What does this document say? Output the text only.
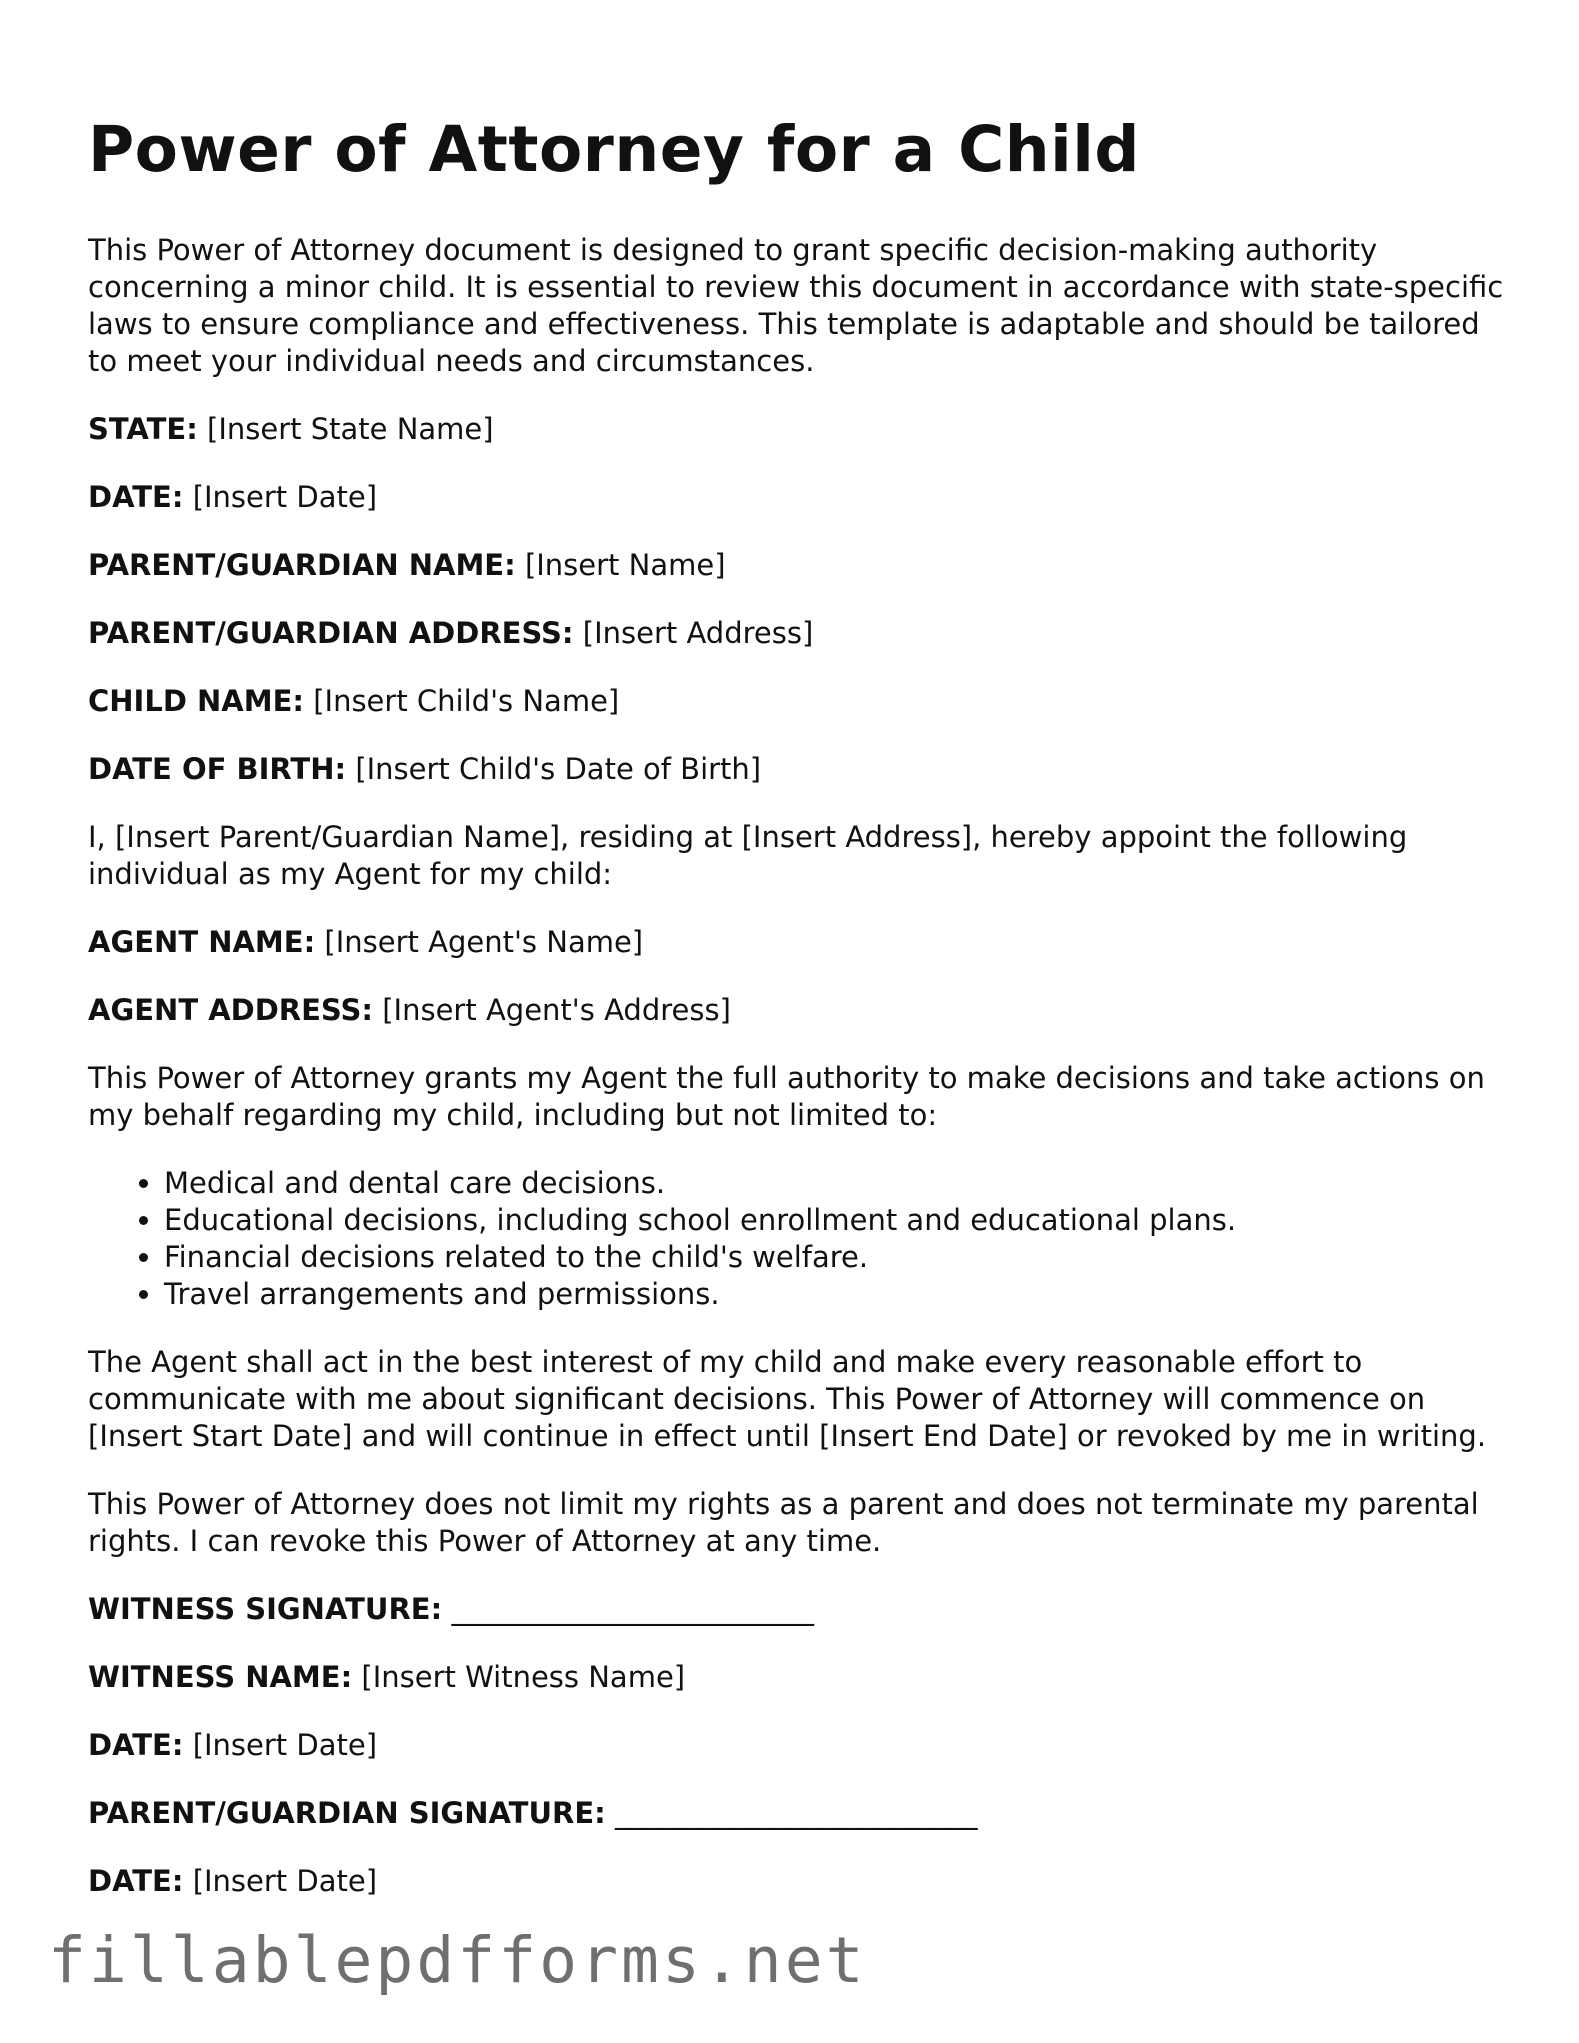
Power of Attorney for a Child

This Power of Attorney document is designed to grant specific decision-making authority concerning a minor child. It is essential to review this document in accordance with state-specific laws to ensure compliance and effectiveness. This template is adaptable and should be tailored to meet your individual needs and circumstances.

STATE: [Insert State Name]

DATE: [Insert Date]

PARENT/GUARDIAN NAME: [Insert Name]

PARENT/GUARDIAN ADDRESS: [Insert Address]

CHILD NAME: [Insert Child's Name]

DATE OF BIRTH: [Insert Child's Date of Birth]

I, [Insert Parent/Guardian Name], residing at [Insert Address], hereby appoint the following individual as my Agent for my child:

AGENT NAME: [Insert Agent's Name]

AGENT ADDRESS: [Insert Agent's Address]

This Power of Attorney grants my Agent the full authority to make decisions and take actions on my behalf regarding my child, including but not limited to:

• Medical and dental care decisions.
• Educational decisions, including school enrollment and educational plans.
• Financial decisions related to the child's welfare.
• Travel arrangements and permissions.

The Agent shall act in the best interest of my child and make every reasonable effort to communicate with me about significant decisions. This Power of Attorney will commence on [Insert Start Date] and will continue in effect until [Insert End Date] or revoked by me in writing.

This Power of Attorney does not limit my rights as a parent and does not terminate my parental rights. I can revoke this Power of Attorney at any time.

WITNESS SIGNATURE: _________________________

WITNESS NAME: [Insert Witness Name]

DATE: [Insert Date]

PARENT/GUARDIAN SIGNATURE: _________________________

DATE: [Insert Date]

fillablepdfforms.net
